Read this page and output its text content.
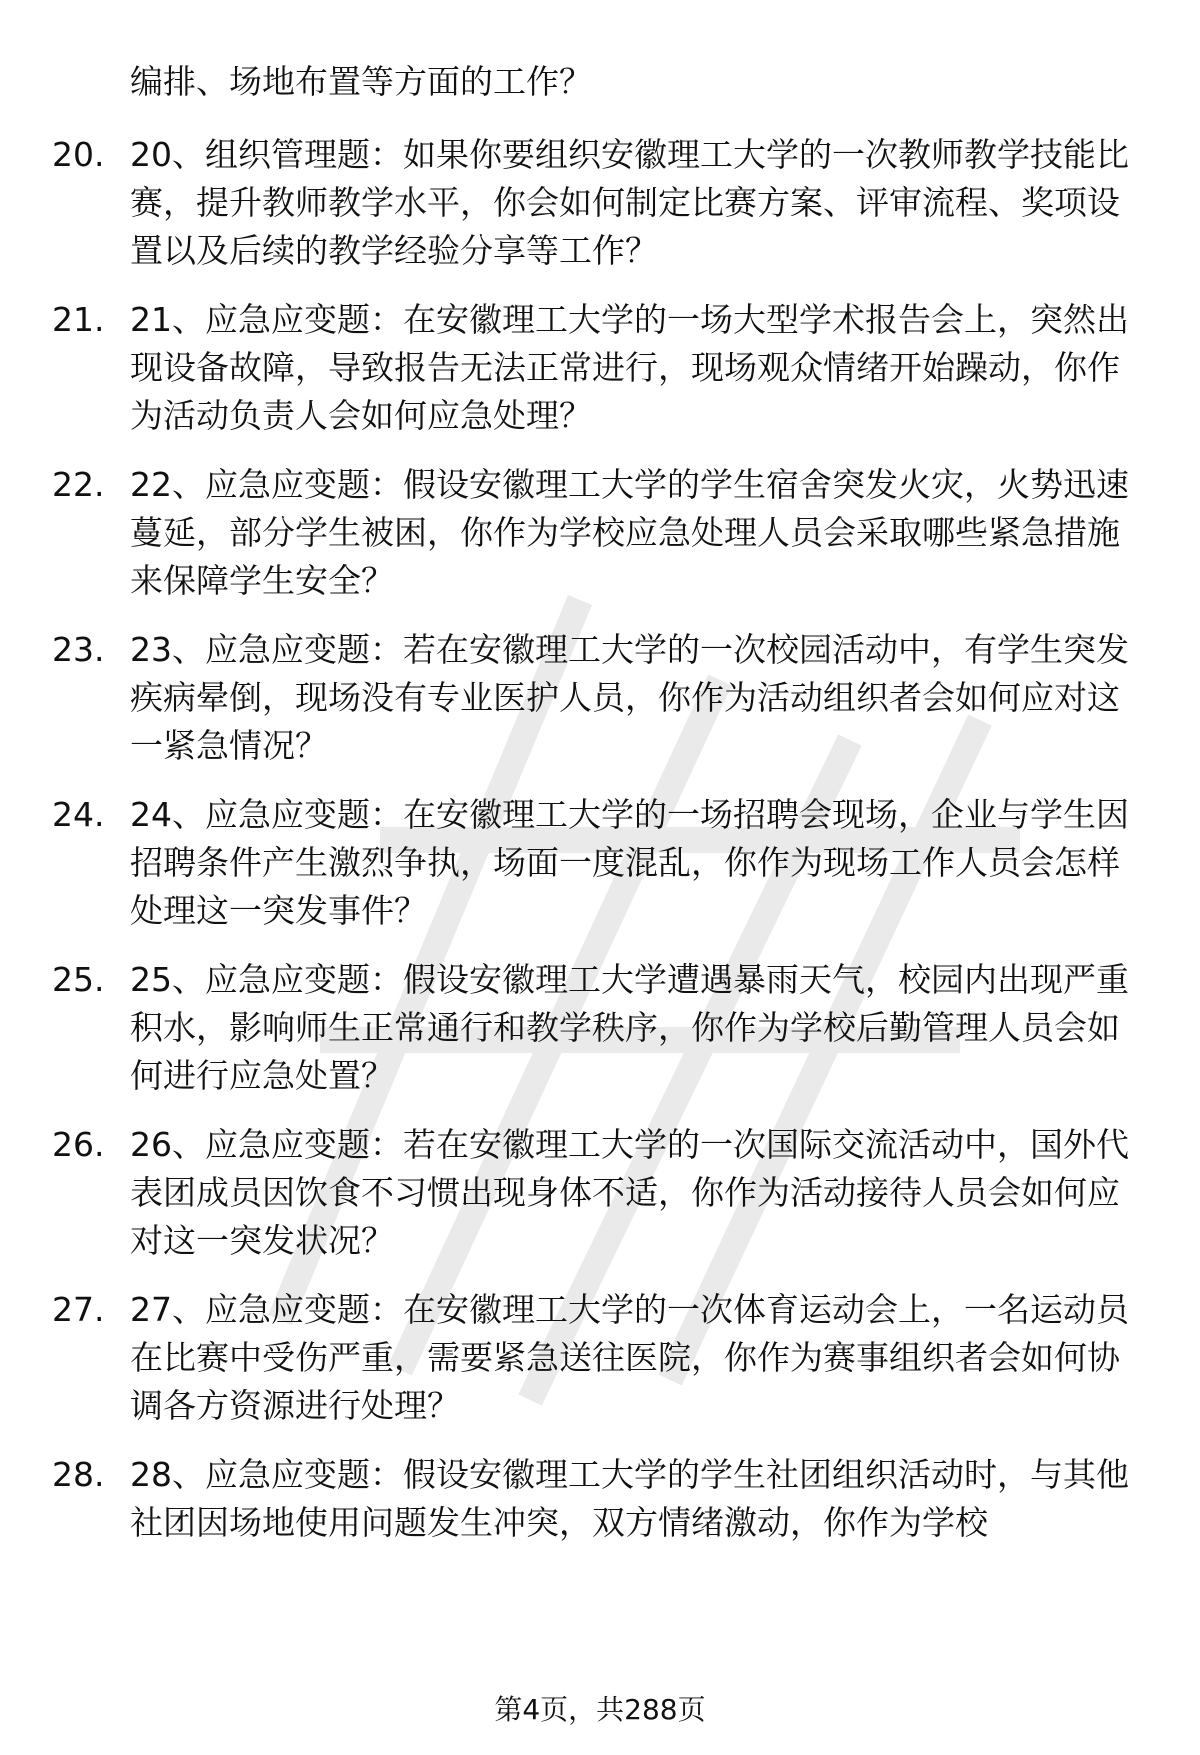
编排、场地布置等方面的工作？
20. 20、组织管理题：如果你要组织安徽理工大学的一次教师教学技能比赛，提升教师教学水平，你会如何制定比赛方案、评审流程、奖项设置以及后续的教学经验分享等工作？
21. 21、应急应变题：在安徽理工大学的一场大型学术报告会上，突然出现设备故障，导致报告无法正常进行，现场观众情绪开始躁动，你作为活动负责人会如何应急处理？
22. 22、应急应变题：假设安徽理工大学的学生宿舍突发火灾，火势迅速蔓延，部分学生被困，你作为学校应急处理人员会采取哪些紧急措施来保障学生安全？
23. 23、应急应变题：若在安徽理工大学的一次校园活动中，有学生突发疾病晕倒，现场没有专业医护人员，你作为活动组织者会如何应对这一紧急情况？
24. 24、应急应变题：在安徽理工大学的一场招聘会现场，企业与学生因招聘条件产生激烈争执，场面一度混乱，你作为现场工作人员会怎样处理这一突发事件？
25. 25、应急应变题：假设安徽理工大学遭遇暴雨天气，校园内出现严重积水，影响师生正常通行和教学秩序，你作为学校后勤管理人员会如何进行应急处置？
26. 26、应急应变题：若在安徽理工大学的一次国际交流活动中，国外代表团成员因饮食不习惯出现身体不适，你作为活动接待人员会如何应对这一突发状况？
27. 27、应急应变题：在安徽理工大学的一次体育运动会上，一名运动员在比赛中受伤严重，需要紧急送往医院，你作为赛事组织者会如何协调各方资源进行处理？
28. 28、应急应变题：假设安徽理工大学的学生社团组织活动时，与其他社团因场地使用问题发生冲突，双方情绪激动，你作为学校
第4页，共288页
